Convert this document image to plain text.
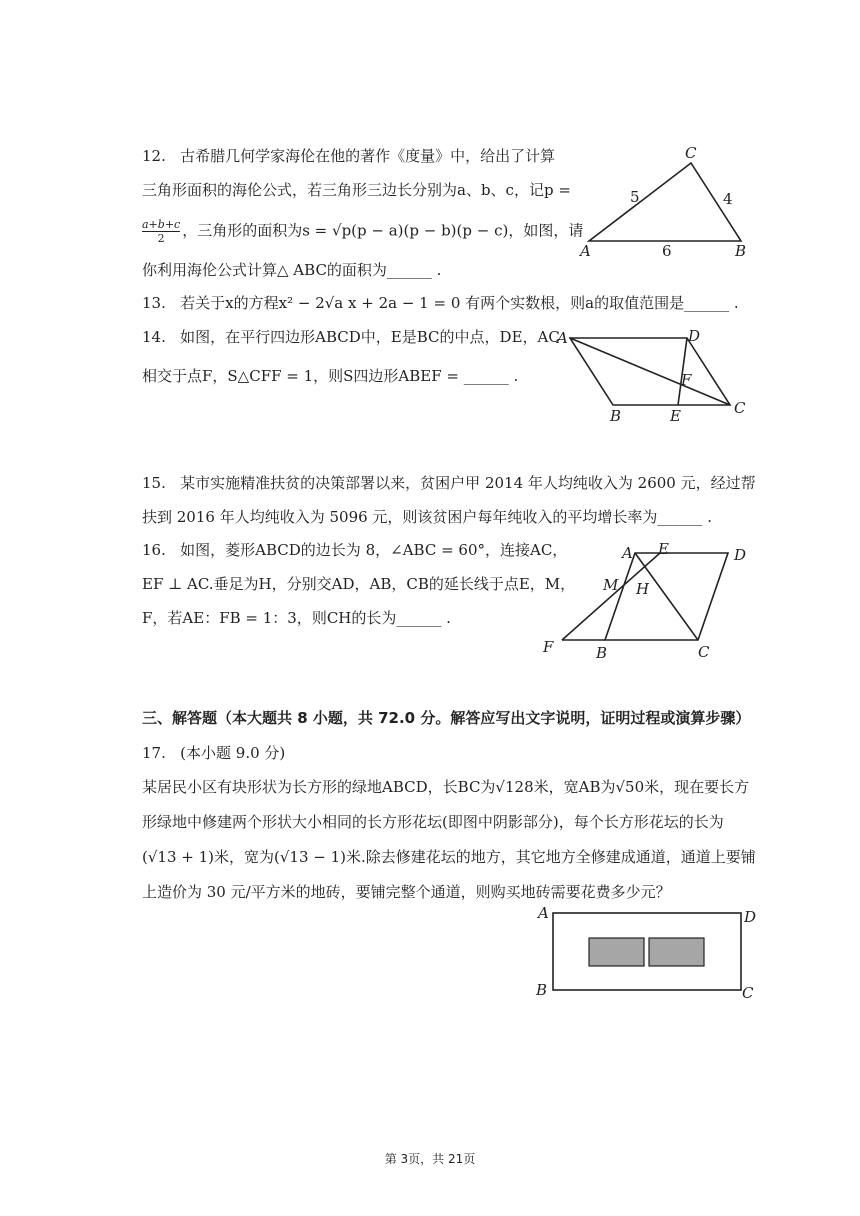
12. 古希腊几何学家海伦在他的著作《度量》中，给出了计算
三角形面积的海伦公式，若三角形三边长分别为a、b、c，记p =
$\frac{a+b+c}{2}$ ，三角形的面积为s = √p(p − a)(p − b)(p − c)，如图，请
你利用海伦公式计算△ ABC的面积为______ .
C
A	B
5	4
6
13. 若关于x的方程x² − 2√a x + 2a − 1 = 0 有两个实数根，则a的取值范围是______ .
14. 如图，在平行四边形ABCD中，E是BC的中点，DE，AC
相交于点F，S△CFF = 1，则S四边形ABEF = ______ .
A	D
F
B	E	C
15. 某市实施精准扶贫的决策部署以来，贫困户甲 2014 年人均纯收入为 2600 元，经过帮
扶到 2016 年人均纯收入为 5096 元，则该贫困户每年纯收入的平均增长率为______ .
16. 如图，菱形ABCD的边长为 8，∠ABC = 60°，连接AC，
EF ⊥ AC.垂足为H，分别交AD，AB，CB的延长线于点E，M，
F，若AE：FB = 1：3，则CH的长为______ .
A E	D
M H
F	B	C
三、解答题（本大题共 8 小题，共 72.0 分。解答应写出文字说明，证明过程或演算步骤）
17. (本小题 9.0 分)
某居民小区有块形状为长方形的绿地ABCD，长BC为√128米，宽AB为√50米，现在要长方
形绿地中修建两个形状大小相同的长方形花坛(即图中阴影部分)，每个长方形花坛的长为
(√13 + 1)米，宽为(√13 − 1)米.除去修建花坛的地方，其它地方全修建成通道，通道上要铺
上造价为 30 元/平方米的地砖，要铺完整个通道，则购买地砖需要花费多少元？
A	D
B	C
第 3页，共 21页
